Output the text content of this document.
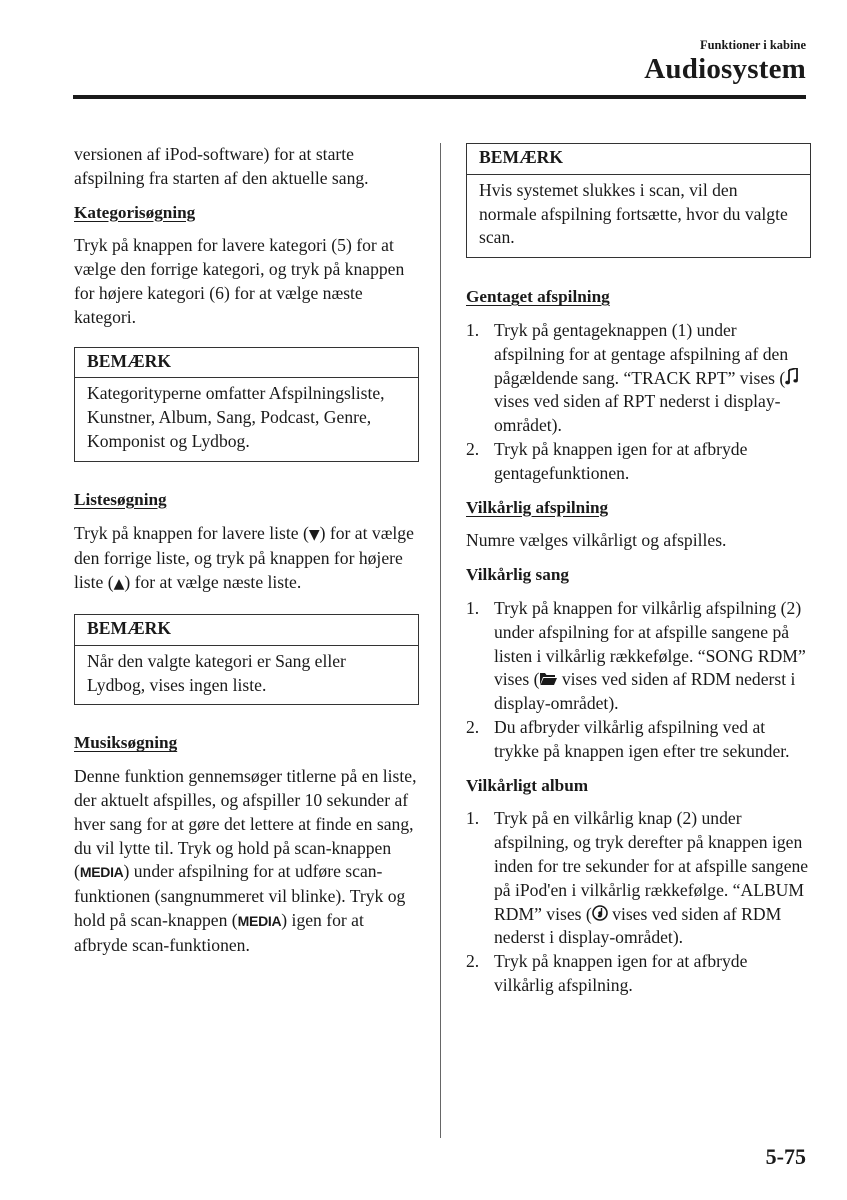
Funktioner i kabine
Audiosystem

versionen af iPod-software) for at starte afspilning fra starten af den aktuelle sang.

Kategorisøgning

Tryk på knappen for lavere kategori (5) for at vælge den forrige kategori, og tryk på knappen for højere kategori (6) for at vælge næste kategori.

BEMÆRK
Kategorityperne omfatter Afspilningsliste, Kunstner, Album, Sang, Podcast, Genre, Komponist og Lydbog.

Listesøgning

Tryk på knappen for lavere liste (▼) for at vælge den forrige liste, og tryk på knappen for højere liste (▲) for at vælge næste liste.

BEMÆRK
Når den valgte kategori er Sang eller Lydbog, vises ingen liste.

Musiksøgning

Denne funktion gennemsøger titlerne på en liste, der aktuelt afspilles, og afspiller 10 sekunder af hver sang for at gøre det lettere at finde en sang, du vil lytte til. Tryk og hold på scan-knappen (MEDIA) under afspilning for at udføre scan-funktionen (sangnummeret vil blinke). Tryk og hold på scan-knappen (MEDIA) igen for at afbryde scan-funktionen.

BEMÆRK
Hvis systemet slukkes i scan, vil den normale afspilning fortsætte, hvor du valgte scan.

Gentaget afspilning

1. Tryk på gentageknappen (1) under afspilning for at gentage afspilning af den pågældende sang. “TRACK RPT” vises ( vises ved siden af RPT nederst i display-området).
2. Tryk på knappen igen for at afbryde gentagefunktionen.

Vilkårlig afspilning

Numre vælges vilkårligt og afspilles.

Vilkårlig sang

1. Tryk på knappen for vilkårlig afspilning (2) under afspilning for at afspille sangene på listen i vilkårlig rækkefølge. “SONG RDM” vises ( vises ved siden af RDM nederst i display-området).
2. Du afbryder vilkårlig afspilning ved at trykke på knappen igen efter tre sekunder.

Vilkårligt album

1. Tryk på en vilkårlig knap (2) under afspilning, og tryk derefter på knappen igen inden for tre sekunder for at afspille sangene på iPod'en i vilkårlig rækkefølge. “ALBUM RDM” vises ( vises ved siden af RDM nederst i display-området).
2. Tryk på knappen igen for at afbryde vilkårlig afspilning.
5-75
